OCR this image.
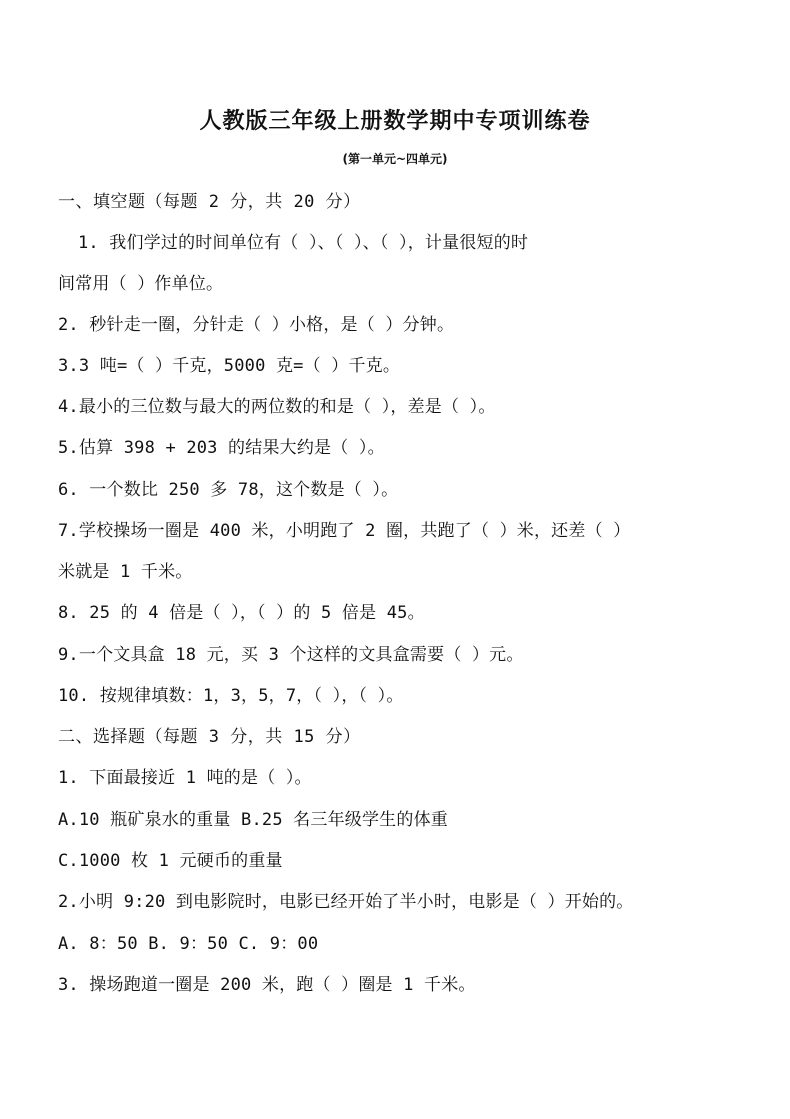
人教版三年级上册数学期中专项训练卷
(第一单元~四单元)
一、填空题（每题 2 分，共 20 分）
1. 我们学过的时间单位有（ ）、（ ）、（ ），计量很短的时
间常用（ ）作单位。
2. 秒针走一圈，分针走（ ）小格，是（ ）分钟。
3.3 吨=（ ）千克，5000 克=（ ）千克。
4.最小的三位数与最大的两位数的和是（ ），差是（ ）。
5.估算 398 + 203 的结果大约是（ ）。
6. 一个数比 250 多 78，这个数是（ ）。
7.学校操场一圈是 400 米，小明跑了 2 圈，共跑了（ ）米，还差（ ）
米就是 1 千米。
8. 25 的 4 倍是（ ），（ ）的 5 倍是 45。
9.一个文具盒 18 元，买 3 个这样的文具盒需要（ ）元。
10. 按规律填数：1，3，5，7，（ ），（ ）。
二、选择题（每题 3 分，共 15 分）
1. 下面最接近 1 吨的是（ ）。
A.10 瓶矿泉水的重量 B.25 名三年级学生的体重
C.1000 枚 1 元硬币的重量
2.小明 9:20 到电影院时，电影已经开始了半小时，电影是（ ）开始的。
A. 8：50 B. 9：50 C. 9：00
3. 操场跑道一圈是 200 米，跑（ ）圈是 1 千米。
